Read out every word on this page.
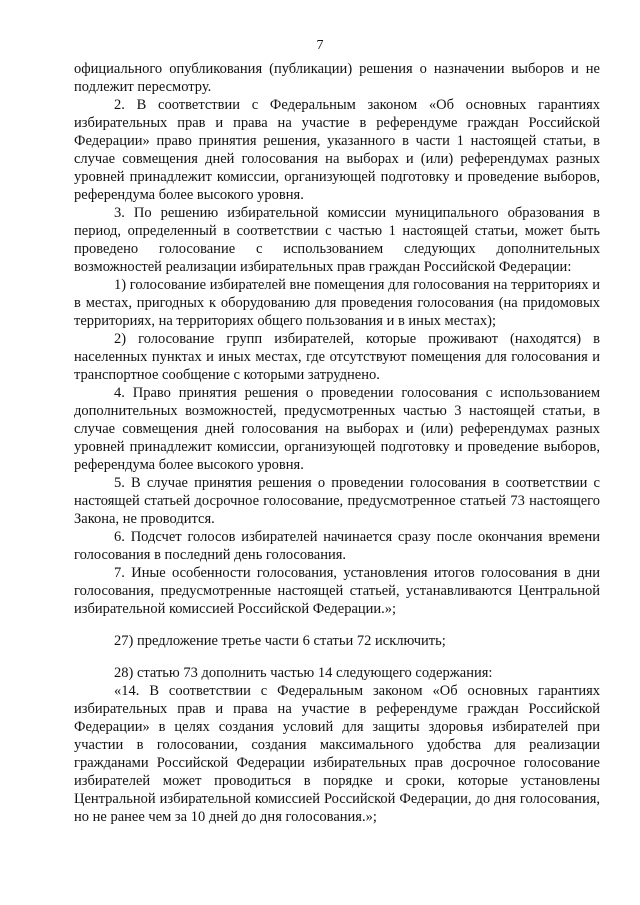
7

официального опубликования (публикации) решения о назначении выборов и не подлежит пересмотру.

2. В соответствии с Федеральным законом «Об основных гарантиях избирательных прав и права на участие в референдуме граждан Российской Федерации» право принятия решения, указанного в части 1 настоящей статьи, в случае совмещения дней голосования на выборах и (или) референдумах разных уровней принадлежит комиссии, организующей подготовку и проведение выборов, референдума более высокого уровня.

3. По решению избирательной комиссии муниципального образования в период, определенный в соответствии с частью 1 настоящей статьи, может быть проведено голосование с использованием следующих дополнительных возможностей реализации избирательных прав граждан Российской Федерации:

1) голосование избирателей вне помещения для голосования на территориях и в местах, пригодных к оборудованию для проведения голосования (на придомовых территориях, на территориях общего пользования и в иных местах);

2) голосование групп избирателей, которые проживают (находятся) в населенных пунктах и иных местах, где отсутствуют помещения для голосования и транспортное сообщение с которыми затруднено.

4. Право принятия решения о проведении голосования с использованием дополнительных возможностей, предусмотренных частью 3 настоящей статьи, в случае совмещения дней голосования на выборах и (или) референдумах разных уровней принадлежит комиссии, организующей подготовку и проведение выборов, референдума более высокого уровня.

5. В случае принятия решения о проведении голосования в соответствии с настоящей статьей досрочное голосование, предусмотренное статьей 73 настоящего Закона, не проводится.

6. Подсчет голосов избирателей начинается сразу после окончания времени голосования в последний день голосования.

7. Иные особенности голосования, установления итогов голосования в дни голосования, предусмотренные настоящей статьей, устанавливаются Центральной избирательной комиссией Российской Федерации.»;

27) предложение третье части 6 статьи 72 исключить;

28) статью 73 дополнить частью 14 следующего содержания:

«14. В соответствии с Федеральным законом «Об основных гарантиях избирательных прав и права на участие в референдуме граждан Российской Федерации» в целях создания условий для защиты здоровья избирателей при участии в голосовании, создания максимального удобства для реализации гражданами Российской Федерации избирательных прав досрочное голосование избирателей может проводиться в порядке и сроки, которые установлены Центральной избирательной комиссией Российской Федерации, до дня голосования, но не ранее чем за 10 дней до дня голосования.»;
